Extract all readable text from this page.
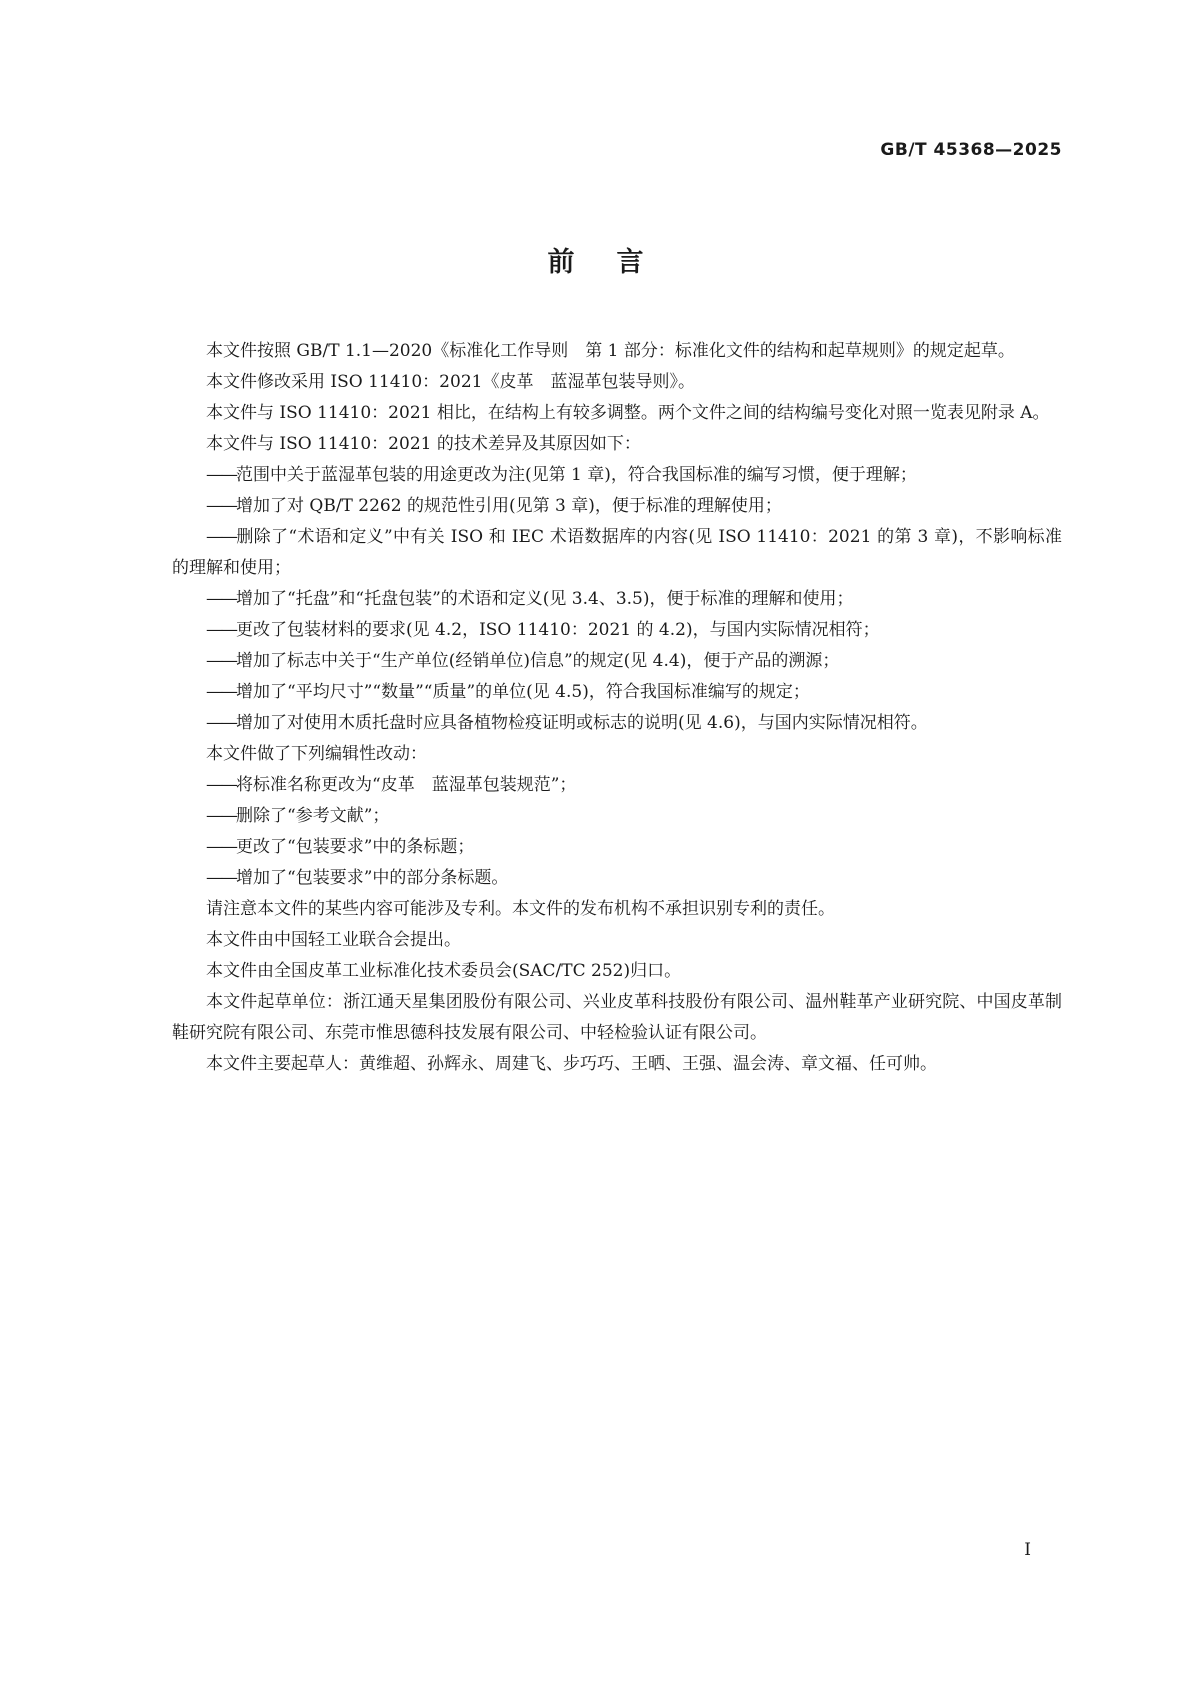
GB/T 45368—2025
前言

本文件按照 GB/T 1.1—2020《标准化工作导则　第 1 部分：标准化文件的结构和起草规则》的规定起草。

本文件修改采用 ISO 11410：2021《皮革　蓝湿革包装导则》。

本文件与 ISO 11410：2021 相比，在结构上有较多调整。两个文件之间的结构编号变化对照一览表见附录 A。

本文件与 ISO 11410：2021 的技术差异及其原因如下：

——范围中关于蓝湿革包装的用途更改为注(见第 1 章)，符合我国标准的编写习惯，便于理解；

——增加了对 QB/T 2262 的规范性引用(见第 3 章)，便于标准的理解使用；

——删除了“术语和定义”中有关 ISO 和 IEC 术语数据库的内容(见 ISO 11410：2021 的第 3 章)，不影响标准的理解和使用；

——增加了“托盘”和“托盘包装”的术语和定义(见 3.4、3.5)，便于标准的理解和使用；

——更改了包装材料的要求(见 4.2，ISO 11410：2021 的 4.2)，与国内实际情况相符；

——增加了标志中关于“生产单位(经销单位)信息”的规定(见 4.4)，便于产品的溯源；

——增加了“平均尺寸”“数量”“质量”的单位(见 4.5)，符合我国标准编写的规定；

——增加了对使用木质托盘时应具备植物检疫证明或标志的说明(见 4.6)，与国内实际情况相符。

本文件做了下列编辑性改动：

——将标准名称更改为“皮革　蓝湿革包装规范”；

——删除了“参考文献”；

——更改了“包装要求”中的条标题；

——增加了“包装要求”中的部分条标题。

请注意本文件的某些内容可能涉及专利。本文件的发布机构不承担识别专利的责任。

本文件由中国轻工业联合会提出。

本文件由全国皮革工业标准化技术委员会(SAC/TC 252)归口。

本文件起草单位：浙江通天星集团股份有限公司、兴业皮革科技股份有限公司、温州鞋革产业研究院、中国皮革制鞋研究院有限公司、东莞市惟思德科技发展有限公司、中轻检验认证有限公司。

本文件主要起草人：黄维超、孙辉永、周建飞、步巧巧、王晒、王强、温会涛、章文福、任可帅。

I
